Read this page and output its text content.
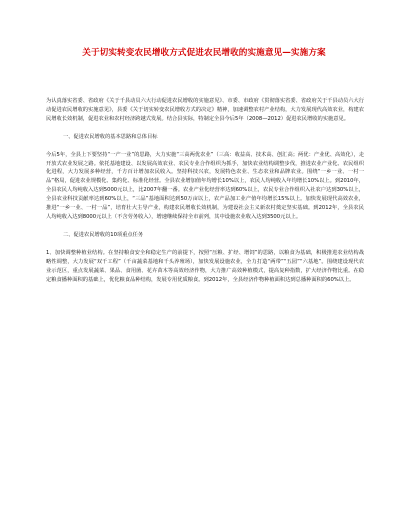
关于切实转变农民增收方式促进农民增收的实施意见—实施方案

为认真落实省委、省政府《关于千县动员六大行动促进农民增收的实施意见》、市委、市政府《贯彻落实省委、省政府关于千县动员六大行动促进农民增收的实施意见》，县委《关于切实转变农民增收方式的决定》精神，加速调整农村产业结构，大力发展现代高效农业，构建农民增收长效机制，促进农业和农村经济跨越式发展。结合县实际，特制定全县今后5年（2008—2012）促进农民增收的实施意见。

一、促进农民增收的基本思路和总体目标

今后5年，全县上下要坚持“一产一业”的思路，大力实施“三高两优农业”（三高：收益高、技术高、创汇高；两优：产业优、高效化），走开放式农业发展之路。依托基地建设、以发展高效农业、农民专业合作组织为抓手，加快农业结构调整步伐，推进农业产业化、农民组织化进程，大力发展多种经营，千方百计增加农民收入。坚持科技兴农，发展特色农业、生态农业和品牌农业。围绕“一乡一业、一村一品”格局，促进农业规模化、集约化、标准化经营。全县农业增加值年均增长10%以上，农民人均纯收入年均增长10%以上。到2010年，全县农民人均纯收入达到5000元以上，比2007年翻一番。农业产业化经营率达到60%以上，农民专业合作组织入社农户达到30%以上，全县农业科技贡献率达到60%以上，“三品”基地面积达到50万亩以上，农产品加工业产值年均增长15%以上。加快发展现代高效农业，推进“一乡一业、一村一品”，培育壮大主导产业，构建农民增收长效机制，为建设社会主义新农村奠定坚实基础。到2012年，全县农民人均纯收入达到8000元以上（不含劳务收入），增速继续保持全市前列，其中设施农业收入达到3500元以上。

二、促进农民增收的10项重点任务

1、加快调整种植业结构。在坚持粮食安全和稳定生产的前提下，按照“压粮、扩经、增饲”的思路，以粮食为基础，积极推进农业结构战略性调整，大力发展“双千工程”（千亩蔬菜基地和千头养殖场），加快发展设施农业，全力打造“两带”“五园”“六基地”。围绕建设现代农业示范区，重点发展蔬菜、果品、食用菌、花卉苗木等高效经济作物，大力推广高效种植模式，提高复种指数，扩大经济作物比重。在稳定粮食播种面积的基础上，优化粮食品种结构，发展专用优质粮食。到2012年，全县经济作物种植面积达到总播种面积的60%以上。
